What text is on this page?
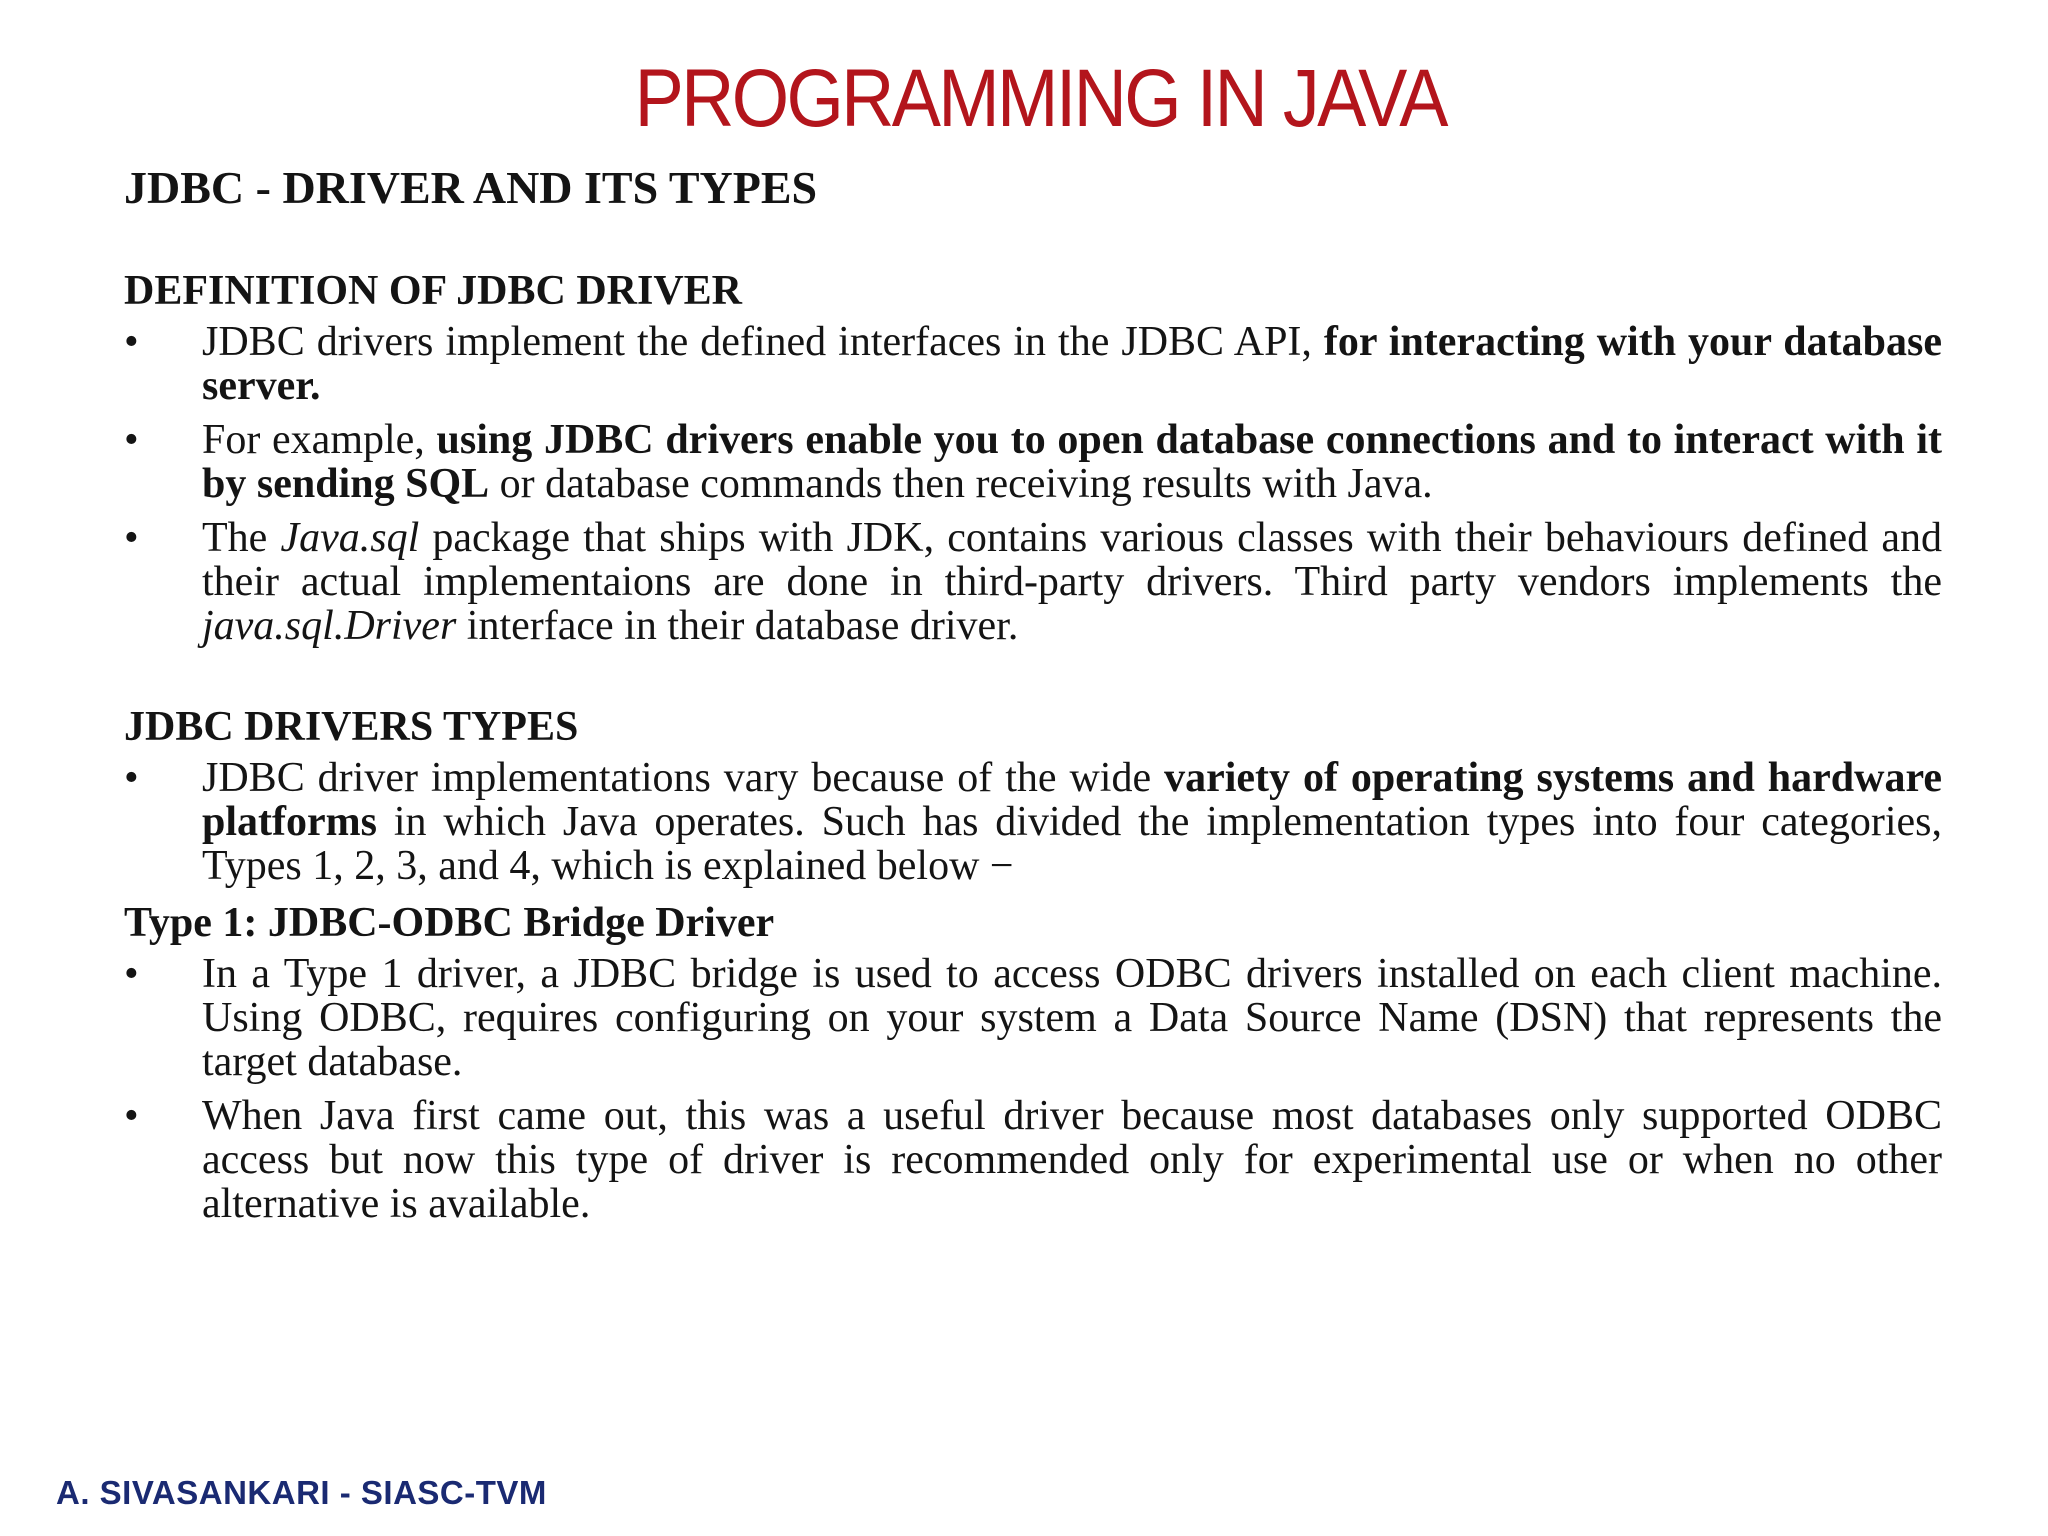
PROGRAMMING IN JAVA
JDBC - DRIVER AND ITS TYPES
DEFINITION OF JDBC DRIVER
• JDBC drivers implement the defined interfaces in the JDBC API, for interacting with your database server.
• For example, using JDBC drivers enable you to open database connections and to interact with it by sending SQL or database commands then receiving results with Java.
• The Java.sql package that ships with JDK, contains various classes with their behaviours defined and their actual implementaions are done in third-party drivers. Third party vendors implements the java.sql.Driver interface in their database driver.
JDBC DRIVERS TYPES
• JDBC driver implementations vary because of the wide variety of operating systems and hardware platforms in which Java operates. Such has divided the implementation types into four categories, Types 1, 2, 3, and 4, which is explained below −
Type 1: JDBC-ODBC Bridge Driver
• In a Type 1 driver, a JDBC bridge is used to access ODBC drivers installed on each client machine. Using ODBC, requires configuring on your system a Data Source Name (DSN) that represents the target database.
• When Java first came out, this was a useful driver because most databases only supported ODBC access but now this type of driver is recommended only for experimental use or when no other alternative is available.
A. SIVASANKARI - SIASC-TVM
